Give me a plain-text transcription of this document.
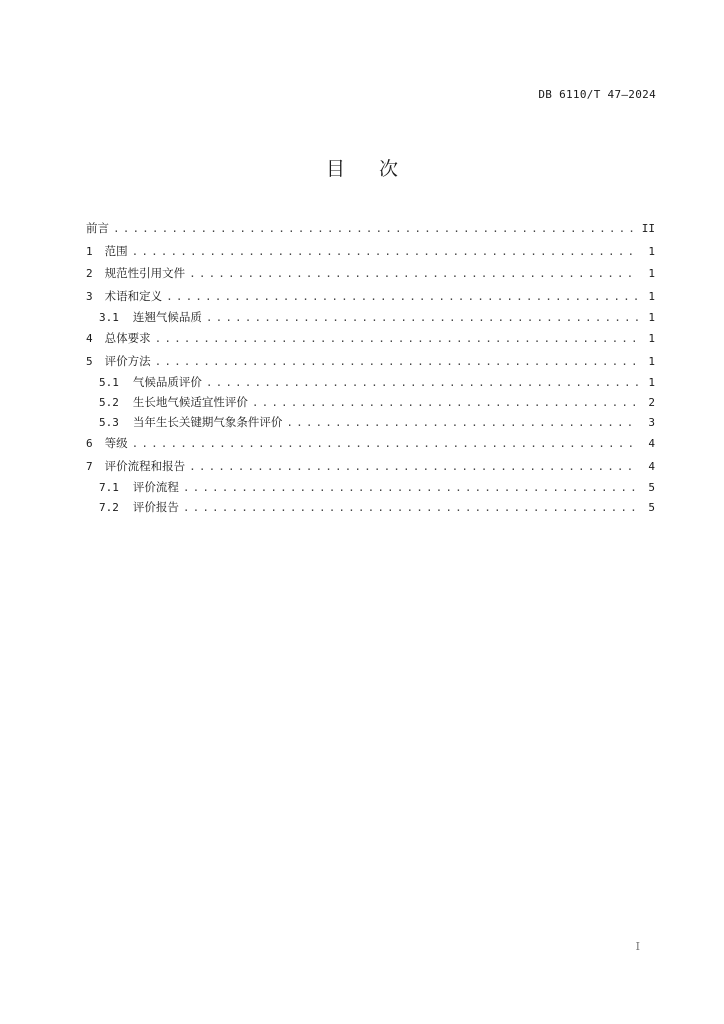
DB 6110/T 47—2024
目次
前言 .....	II
1 范围 .....	1
2 规范性引用文件 .....	1
3 术语和定义 .....	1
3.1 连翘气候品质 .....	1
4 总体要求 .....	1
5 评价方法 .....	1
5.1 气候品质评价 .....	1
5.2 生长地气候适宜性评价 .....	2
5.3 当年生长关键期气象条件评价 .....	3
6 等级 .....	4
7 评价流程和报告 .....	4
7.1 评价流程 .....	5
7.2 评价报告 .....	5
I
